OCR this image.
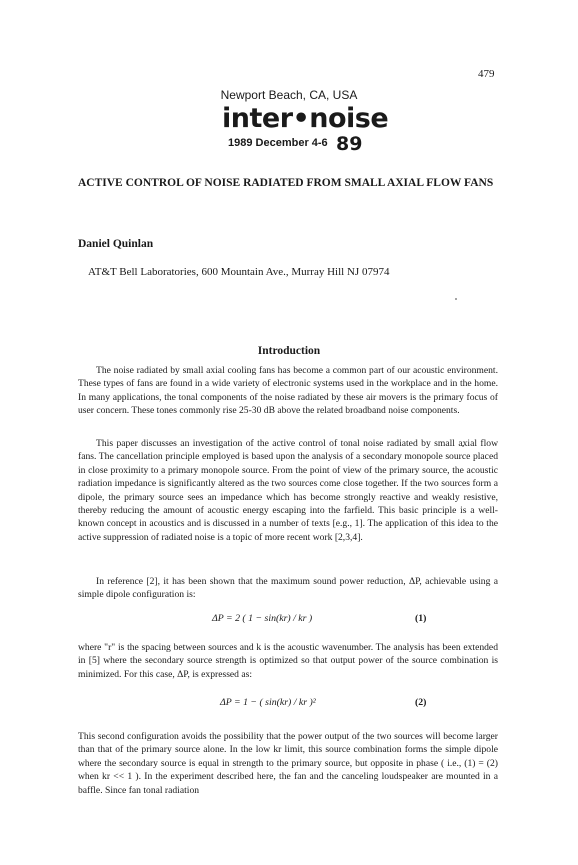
479
Newport Beach, CA, USA
inter•noise
1989 December 4-6 89
ACTIVE CONTROL OF NOISE RADIATED FROM SMALL AXIAL FLOW FANS
Daniel Quinlan
AT&T Bell Laboratories, 600 Mountain Ave., Murray Hill NJ 07974
Introduction
The noise radiated by small axial cooling fans has become a common part of our acoustic environment. These types of fans are found in a wide variety of electronic systems used in the workplace and in the home. In many applications, the tonal components of the noise radiated by these air movers is the primary focus of user concern. These tones commonly rise 25-30 dB above the related broadband noise components.
This paper discusses an investigation of the active control of tonal noise radiated by small axial flow fans. The cancellation principle employed is based upon the analysis of a secondary monopole source placed in close proximity to a primary monopole source. From the point of view of the primary source, the acoustic radiation impedance is significantly altered as the two sources come close together. If the two sources form a dipole, the primary source sees an impedance which has become strongly reactive and weakly resistive, thereby reducing the amount of acoustic energy escaping into the farfield. This basic principle is a well-known concept in acoustics and is discussed in a number of texts [e.g., 1]. The application of this idea to the active suppression of radiated noise is a topic of more recent work [2,3,4].
In reference [2], it has been shown that the maximum sound power reduction, ΔP, achievable using a simple dipole configuration is:
ΔP = 2 ( 1 − sin(kr) / kr )	(1)
where "r" is the spacing between sources and k is the acoustic wavenumber. The analysis has been extended in [5] where the secondary source strength is optimized so that output power of the source combination is minimized. For this case, ΔP, is expressed as:
ΔP = 1 − ( sin(kr) / kr )²	(2)
This second configuration avoids the possibility that the power output of the two sources will become larger than that of the primary source alone. In the low kr limit, this source combination forms the simple dipole where the secondary source is equal in strength to the primary source, but opposite in phase ( i.e., (1) = (2) when kr << 1 ). In the experiment described here, the fan and the canceling loudspeaker are mounted in a baffle. Since fan tonal radiation
